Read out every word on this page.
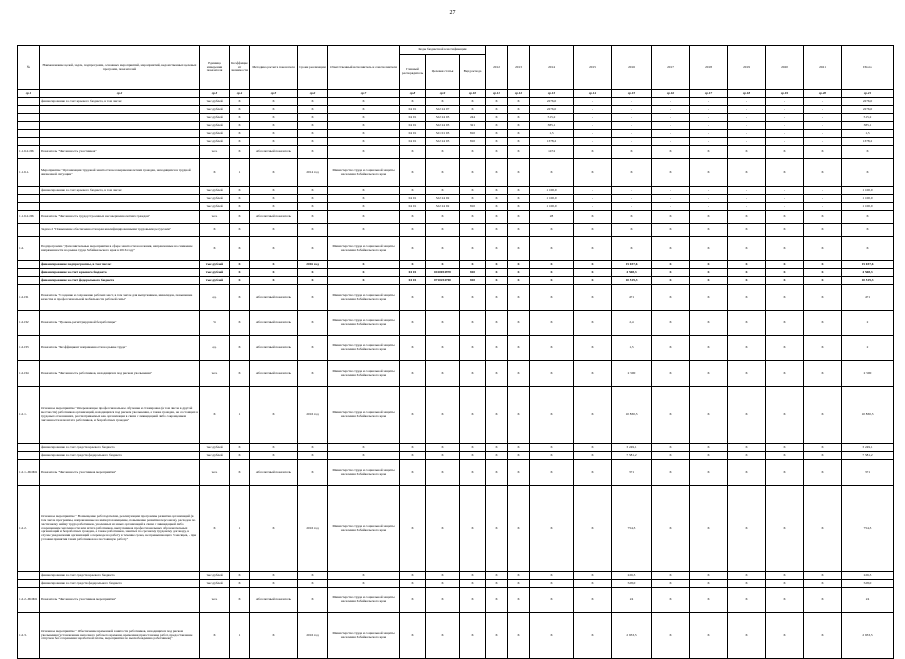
27
№	Наименование целей, задач, подпрограмм, основных мероприятий, мероприятий, ведомственных целевых программ, показателей	Единица измерения показателя	Коэффициент значимости	Методика расчета показателя	Сроки реализации	Ответственный исполнитель и соисполнители	Коды бюджетной классификации			2012	2013	2014	2015	2016	2017	2018	2019	2020	2021	Итого
							Главный распорядитель	Целевая статья	Вид расхода											
гр.1	гр.2	гр.3	гр.4	гр.5	гр.6	гр.7	гр.8	гр.9	гр.10	гр.11	гр.12	гр.13	гр.14	гр.15	гр.16	гр.17	гр.18	гр.19	гр.20	гр.21
	финансирование за счет краевого бюджета, в том числе:	тыс.рублей	Х	Х	Х	Х	Х	Х	Х	Х	Х	2276,0	-	-	-	-	-	-	-	2276,0
		тыс.рублей	Х	Х	Х	Х	04 01	522 24 07	Х	Х	Х	2276,0	-	-	-	-	-	-	-	2276,0
		тыс.рублей	Х	Х	Х	Х	04 01	522 24 03	244	Х	Х	515,2	-	-	-	-	-	-	-	515,2
		тыс.рублей	Х	Х	Х	Х	04 01	522 24 03	321	Х	Х	385,1	-	-	-	-	-	-	-	385,1
		тыс.рублей	Х	Х	Х	Х	04 01	521 01 03	810	Х	Х	1,5	-	-	-	-	-	-	-	1,5
		тыс.рублей	Х	Х	Х	Х	04 01	522 24 03	810	Х	Х	1378,2	-	-	-	-	-	-	-	1378,2
1.1.6.2-П6	Показатель "Численность участников"	чел.	Х	Абсолютный показатель	Х	Х	Х	Х	Х	Х	Х	1474	Х	Х	Х	Х	Х	Х	Х	Х
1.1.6.1.	Мероприятие "Организация трудовой занятости несовершеннолетних граждан, находящихся в трудной жизненной ситуации"	Х	1	Х	2014 год	Министерство труда и социальной защиты населения Забайкальского края	Х	Х	Х	Х	Х	Х	Х	Х	Х	Х	Х	Х	Х	Х
	финансирование за счет краевого бюджета, в том числе:	тыс.рублей	Х	Х	Х	Х	Х	Х	Х	Х	Х	1 100,0	-	-	-	-	-	-	-	1 100,0
		тыс.рублей	Х	Х	Х	Х	04 01	522 24 02	Х	Х	Х	1 100,0	-	-	-	-	-	-	-	1 100,0
		тыс.рублей	Х	Х	Х	Х	04 01	522 24 02	810	Х	Х	1 100,0	-	-	-	-	-	-	-	1 100,0
1.1.6.2-П6	Показатель "Численность трудоустроенных несовершеннолетних граждан"	чел.	Х	Абсолютный показатель	Х	Х	Х	Х	Х	Х	Х	28	Х	Х	Х	Х	Х	Х	Х	Х
	Задача 2 "Повышение обеспеченности края квалифицированными трудовыми ресурсами"	Х	Х	Х	Х	Х	Х	Х	Х	Х	Х	Х	Х	Х	Х	Х	Х	Х	Х	Х
1.2.	Подпрограмма "Дополнительные мероприятия в сфере занятости населения, направленные на снижение напряженности на рынке труда Забайкальского края в 2016 году"	Х	Х	Х	Х	Министерство труда и социальной защиты населения Забайкальского края	Х	Х	Х	Х	Х	Х	Х	Х	Х	Х	Х	Х	Х	Х
	финансирование подпрограммы, в том числе:	тыс.рублей	Х	Х	2016 год	Х	Х	Х	Х	Х	Х	Х	Х	15 037,6	Х	Х	Х	Х	Х	15 037,6
	финансирование за счет краевого бюджета	тыс.рублей	Х	Х	Х	Х	04 01	0410054970	810	Х	Х	Х	Х	4 508,3	Х	Х	Х	Х	Х	4 508,3
	финансирование за счет федерального бюджета	тыс.рублей	Х	Х	Х	Х	04 01	0710254700	810	Х	Х	Х	Х	10 519,3	Х	Х	Х	Х	Х	10 519,3
1.2-П1	Показатель "Создание и сохранение рабочих мест, в том числе для выпускников, инвалидов, повышение качества и профессиональной мобильности рабочей силы"	ед.	Х	Абсолютный показатель	Х	Министерство труда и социальной защиты населения Забайкальского края	Х	Х	Х	Х	Х	Х	Х	471	Х	Х	Х	Х	Х	471
1.2-П2	Показатель "Уровень регистрируемой безработицы"	%	Х	Абсолютный показатель	Х	Министерство труда и социальной защиты населения Забайкальского края	Х	Х	Х	Х	Х	Х	Х	2,4	Х	Х	Х	Х	Х	2
1.2-П3	Показатель "Коэффициент напряженности на рынке труда"	ед.	Х	Абсолютный показатель	Х	Министерство труда и социальной защиты населения Забайкальского края	Х	Х	Х	Х	Х	Х	Х	1,5	Х	Х	Х	Х	Х	2
1.2-П4	Показатель "Численность работников, находящихся под риском увольнения"	чел.	Х	Абсолютный показатель	Х	Министерство труда и социальной защиты населения Забайкальского края	Х	Х	Х	Х	Х	Х	Х	2 500	Х	Х	Х	Х	Х	2 500
1.2.1.	Основное мероприятие "Опережающее профессиональное обучение и стажировка (в том числе в другой местности) работников организаций, находящихся под риском увольнения, а также граждан, не состоящих в трудовых отношениях, рассматриваемых как организации в связи с ликвидацией либо сокращением численности или штата работников, и безработных граждан"	Х	1	Х	2016 год	Министерство труда и социальной защиты населения Забайкальского края	Х	Х	Х	Х	Х	Х	Х	10 830,3	Х	Х	Х	Х	Х	10 830,3
	финансирование за счет средств краевого бюджета	тыс.рублей	Х	Х	Х	Х	Х	Х	Х	Х	Х	Х	Х	3 249,1	Х	Х	Х	Х	Х	3 249,1
	финансирование за счет средств федерального бюджета	тыс.рублей	Х	Х	Х	Х	Х	Х	Х	Х	Х	Х	Х	7 581,2	Х	Х	Х	Х	Х	7 581,2
1.2.1.-ПОМ1	Показатель "Численность участников мероприятия"	чел.	Х	Абсолютный показатель	Х	Министерство труда и социальной защиты населения Забайкальского края	Х	Х	Х	Х	Х	Х	Х	371	Х	Х	Х	Х	Х	371
1.2.2.	Основное мероприятие " Возмещение работодателям, реализующим программы развития организаций (в том числе программы, направленные на импортозамещение, повышение развития персонала), расходов по частичному найму труда работников, уволенных из иных организаций в связи с ликвидацией либо сокращением численности или штата работников, выпускников профессиональных образовательных организаций и безработных граждан, а также работников, занятых по срочному трудовому договору, в случае уведомления организаций о переводе на работу в течение срока, не превышающего 3 месяцев, - при условии принятия таких работников на постоянную работу"	Х	1	Х	2016 год	Министерство труда и социальной защиты населения Забайкальского края	Х	Х	Х	Х	Х	Х	Х	754,3	Х	Х	Х	Х	Х	754,3
	финансирование за счет средств краевого бюджета	тыс.рублей	Х	Х	Х	Х	Х	Х	Х	Х	Х	Х	Х	226,3	Х	Х	Х	Х	Х	226,3
	финансирование за счет средств федерального бюджета	тыс.рублей	Х	Х	Х	Х	Х	Х	Х	Х	Х	Х	Х	528,0	Х	Х	Х	Х	Х	528,0
1.2.2.-ПОМ1	Показатель "Численность участников мероприятия"	чел.	Х	Абсолютный показатель	Х	Министерство труда и социальной защиты населения Забайкальского края	Х	Х	Х	Х	Х	Х	Х	24	Х	Х	Х	Х	Х	24
1.2.3.	Основное мероприятие " Обеспечение временной занятости работников, находящихся под риском увольнения (установление неполного рабочего времени, временная приостановка работ, предоставление отпусков без сохранения заработной платы, мероприятия по высвобождению работников)"	Х	1	Х	2016 год	Министерство труда и социальной защиты населения Забайкальского края	Х	Х	Х	Х	Х	Х	Х	2 933,5	Х	Х	Х	Х	Х	2 933,5
